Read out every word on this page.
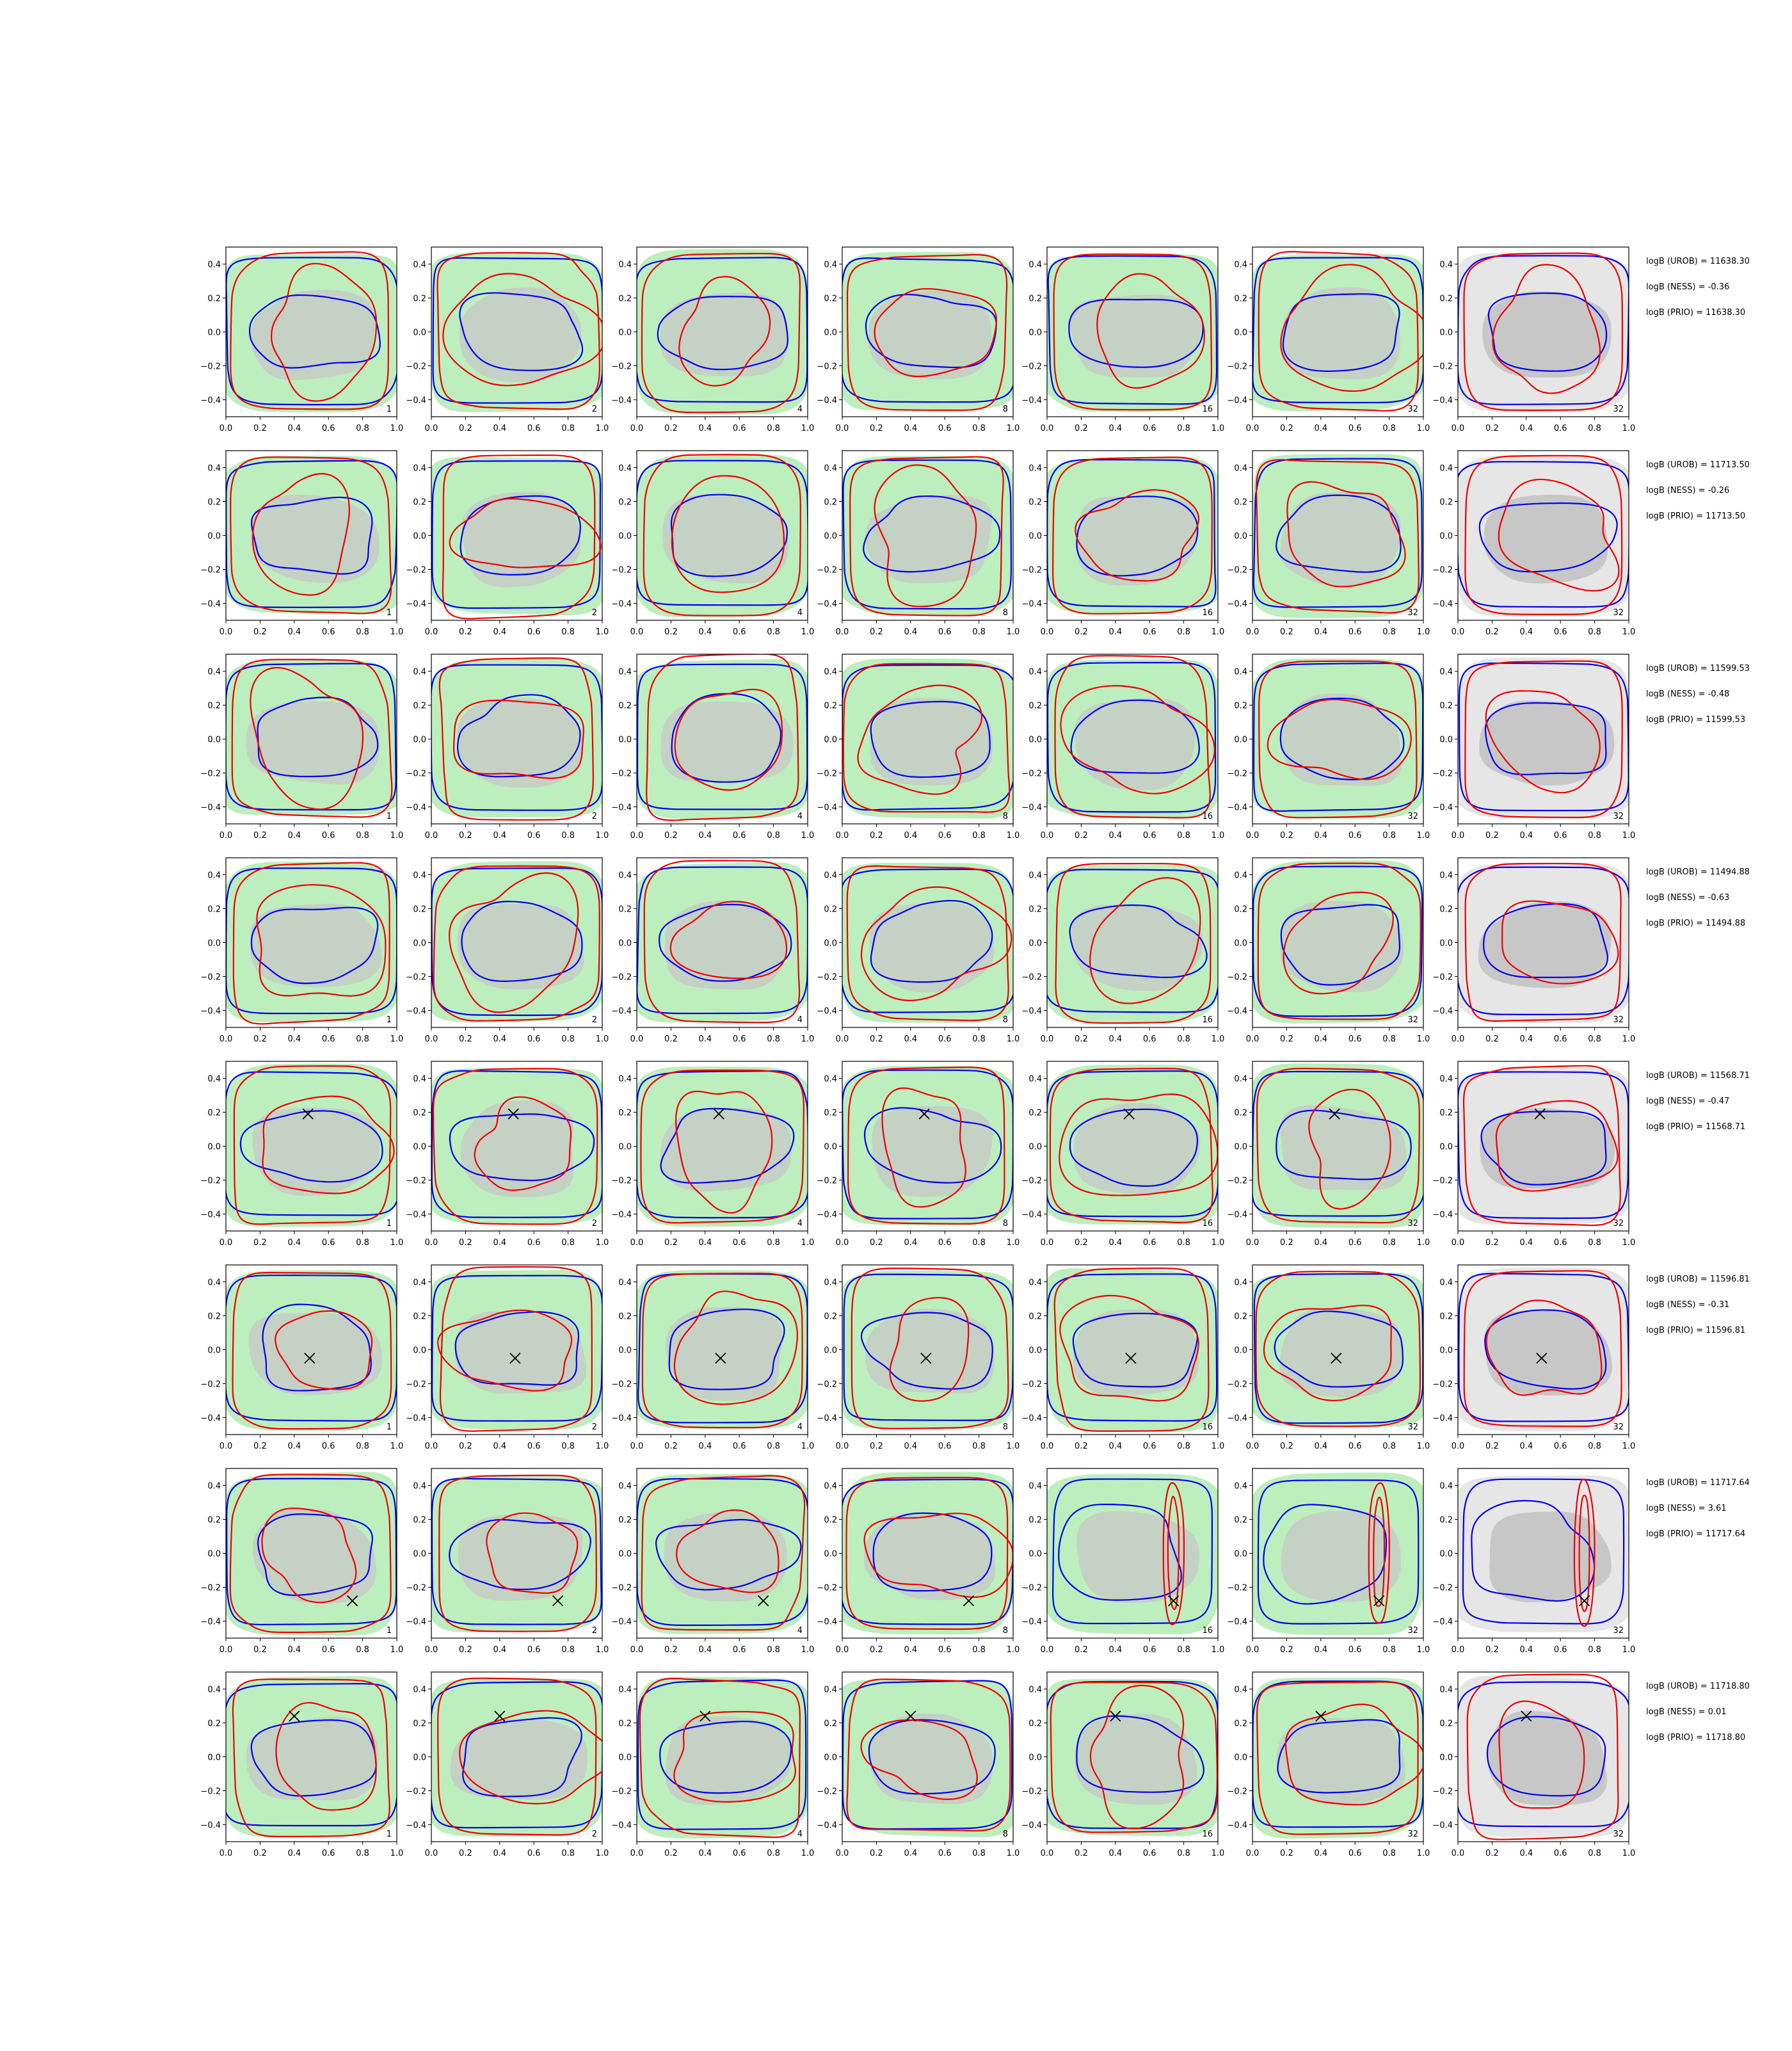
0.0	0.2	0.4	0.6	0.8	1.0
0.4
0.2
0.0
−0.2
−0.4
1
0.0	0.2	0.4	0.6	0.8	1.0
0.4
0.2
0.0
−0.2
−0.4
2
0.0	0.2	0.4	0.6	0.8	1.0
0.4
0.2
0.0
−0.2
−0.4
4
0.0	0.2	0.4	0.6	0.8	1.0
0.4
0.2
0.0
−0.2
−0.4
8
0.0	0.2	0.4	0.6	0.8	1.0
0.4
0.2
0.0
−0.2
−0.4
16
0.0	0.2	0.4	0.6	0.8	1.0
0.4
0.2
0.0
−0.2
−0.4
32
0.0	0.2	0.4	0.6	0.8	1.0
0.4
0.2
0.0
−0.2
−0.4
32
logB (UROB) = 11638.30
logB (NESS) = -0.36
logB (PRIO) = 11638.30
0.0	0.2	0.4	0.6	0.8	1.0
0.4
0.2
0.0
−0.2
−0.4
1
0.0	0.2	0.4	0.6	0.8	1.0
0.4
0.2
0.0
−0.2
−0.4
2
0.0	0.2	0.4	0.6	0.8	1.0
0.4
0.2
0.0
−0.2
−0.4
4
0.0	0.2	0.4	0.6	0.8	1.0
0.4
0.2
0.0
−0.2
−0.4
8
0.0	0.2	0.4	0.6	0.8	1.0
0.4
0.2
0.0
−0.2
−0.4
16
0.0	0.2	0.4	0.6	0.8	1.0
0.4
0.2
0.0
−0.2
−0.4
32
0.0	0.2	0.4	0.6	0.8	1.0
0.4
0.2
0.0
−0.2
−0.4
32
logB (UROB) = 11713.50
logB (NESS) = -0.26
logB (PRIO) = 11713.50
0.0	0.2	0.4	0.6	0.8	1.0
0.4
0.2
0.0
−0.2
−0.4
1
0.0	0.2	0.4	0.6	0.8	1.0
0.4
0.2
0.0
−0.2
−0.4
2
0.0	0.2	0.4	0.6	0.8	1.0
0.4
0.2
0.0
−0.2
−0.4
4
0.0	0.2	0.4	0.6	0.8	1.0
0.4
0.2
0.0
−0.2
−0.4
8
0.0	0.2	0.4	0.6	0.8	1.0
0.4
0.2
0.0
−0.2
−0.4
16
0.0	0.2	0.4	0.6	0.8	1.0
0.4
0.2
0.0
−0.2
−0.4
32
0.0	0.2	0.4	0.6	0.8	1.0
0.4
0.2
0.0
−0.2
−0.4
32
logB (UROB) = 11599.53
logB (NESS) = -0.48
logB (PRIO) = 11599.53
0.0	0.2	0.4	0.6	0.8	1.0
0.4
0.2
0.0
−0.2
−0.4
1
0.0	0.2	0.4	0.6	0.8	1.0
0.4
0.2
0.0
−0.2
−0.4
2
0.0	0.2	0.4	0.6	0.8	1.0
0.4
0.2
0.0
−0.2
−0.4
4
0.0	0.2	0.4	0.6	0.8	1.0
0.4
0.2
0.0
−0.2
−0.4
8
0.0	0.2	0.4	0.6	0.8	1.0
0.4
0.2
0.0
−0.2
−0.4
16
0.0	0.2	0.4	0.6	0.8	1.0
0.4
0.2
0.0
−0.2
−0.4
32
0.0	0.2	0.4	0.6	0.8	1.0
0.4
0.2
0.0
−0.2
−0.4
32
logB (UROB) = 11494.88
logB (NESS) = -0.63
logB (PRIO) = 11494.88
0.0	0.2	0.4	0.6	0.8	1.0
0.4
0.2
0.0
−0.2
−0.4
1
0.0	0.2	0.4	0.6	0.8	1.0
0.4
0.2
0.0
−0.2
−0.4
2
0.0	0.2	0.4	0.6	0.8	1.0
0.4
0.2
0.0
−0.2
−0.4
4
0.0	0.2	0.4	0.6	0.8	1.0
0.4
0.2
0.0
−0.2
−0.4
8
0.0	0.2	0.4	0.6	0.8	1.0
0.4
0.2
0.0
−0.2
−0.4
16
0.0	0.2	0.4	0.6	0.8	1.0
0.4
0.2
0.0
−0.2
−0.4
32
0.0	0.2	0.4	0.6	0.8	1.0
0.4
0.2
0.0
−0.2
−0.4
32
logB (UROB) = 11568.71
logB (NESS) = -0.47
logB (PRIO) = 11568.71
0.0	0.2	0.4	0.6	0.8	1.0
0.4
0.2
0.0
−0.2
−0.4
1
0.0	0.2	0.4	0.6	0.8	1.0
0.4
0.2
0.0
−0.2
−0.4
2
0.0	0.2	0.4	0.6	0.8	1.0
0.4
0.2
0.0
−0.2
−0.4
4
0.0	0.2	0.4	0.6	0.8	1.0
0.4
0.2
0.0
−0.2
−0.4
8
0.0	0.2	0.4	0.6	0.8	1.0
0.4
0.2
0.0
−0.2
−0.4
16
0.0	0.2	0.4	0.6	0.8	1.0
0.4
0.2
0.0
−0.2
−0.4
32
0.0	0.2	0.4	0.6	0.8	1.0
0.4
0.2
0.0
−0.2
−0.4
32
logB (UROB) = 11596.81
logB (NESS) = -0.31
logB (PRIO) = 11596.81
0.0	0.2	0.4	0.6	0.8	1.0
0.4
0.2
0.0
−0.2
−0.4
1
0.0	0.2	0.4	0.6	0.8	1.0
0.4
0.2
0.0
−0.2
−0.4
2
0.0	0.2	0.4	0.6	0.8	1.0
0.4
0.2
0.0
−0.2
−0.4
4
0.0	0.2	0.4	0.6	0.8	1.0
0.4
0.2
0.0
−0.2
−0.4
8
0.0	0.2	0.4	0.6	0.8	1.0
0.4
0.2
0.0
−0.2
−0.4
16
0.0	0.2	0.4	0.6	0.8	1.0
0.4
0.2
0.0
−0.2
−0.4
32
0.0	0.2	0.4	0.6	0.8	1.0
0.4
0.2
0.0
−0.2
−0.4
32
logB (UROB) = 11717.64
logB (NESS) = 3.61
logB (PRIO) = 11717.64
0.0	0.2	0.4	0.6	0.8	1.0
0.4
0.2
0.0
−0.2
−0.4
1
0.0	0.2	0.4	0.6	0.8	1.0
0.4
0.2
0.0
−0.2
−0.4
2
0.0	0.2	0.4	0.6	0.8	1.0
0.4
0.2
0.0
−0.2
−0.4
4
0.0	0.2	0.4	0.6	0.8	1.0
0.4
0.2
0.0
−0.2
−0.4
8
0.0	0.2	0.4	0.6	0.8	1.0
0.4
0.2
0.0
−0.2
−0.4
16
0.0	0.2	0.4	0.6	0.8	1.0
0.4
0.2
0.0
−0.2
−0.4
32
0.0	0.2	0.4	0.6	0.8	1.0
0.4
0.2
0.0
−0.2
−0.4
32
logB (UROB) = 11718.80
logB (NESS) = 0.01
logB (PRIO) = 11718.80
